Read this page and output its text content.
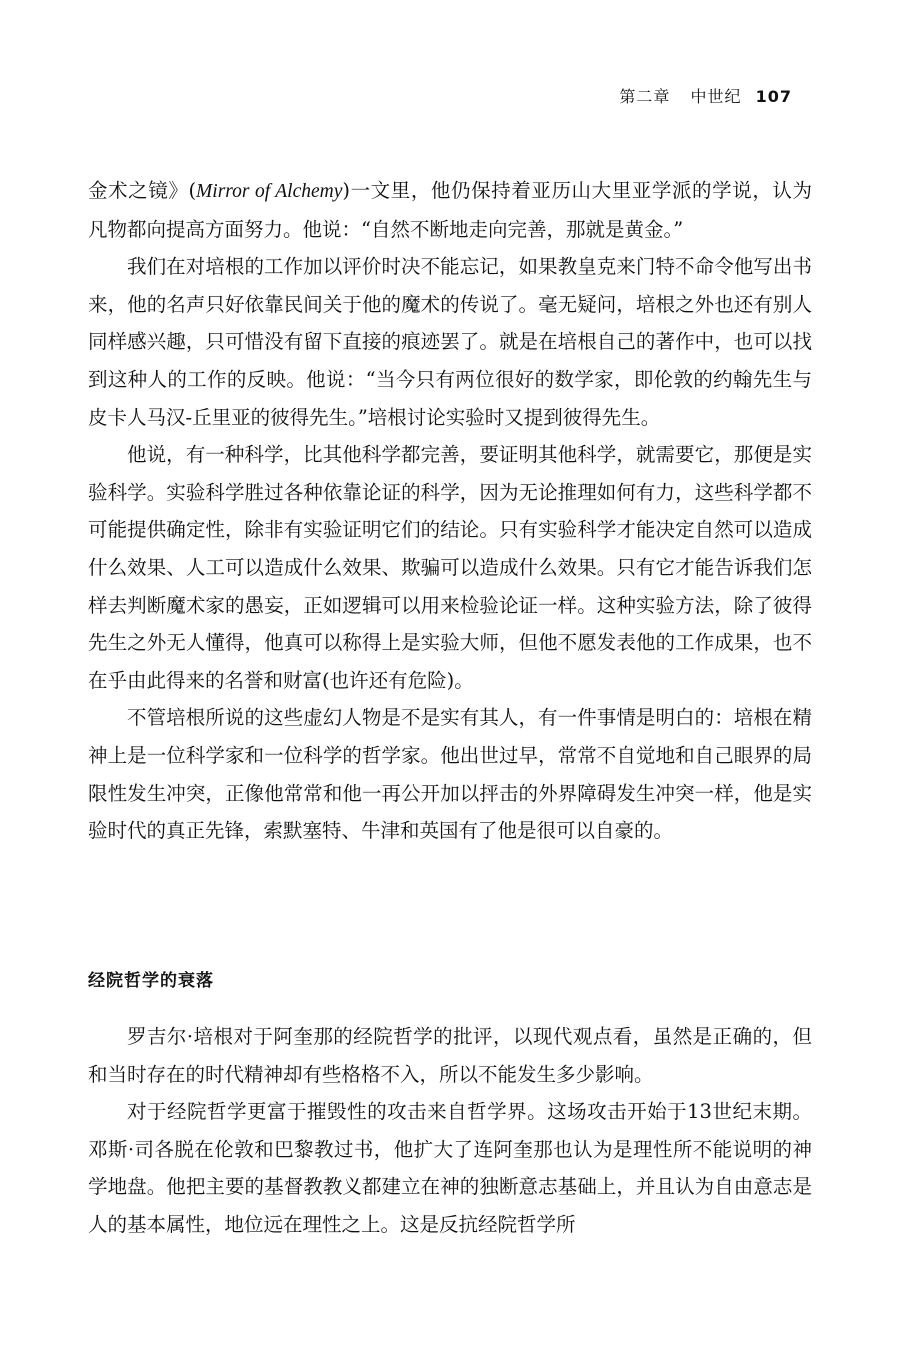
第二章 中世纪 107

金术之镜》(Mirror of Alchemy)一文里，他仍保持着亚历山大里亚学派的学说，认为凡物都向提高方面努力。他说：“自然不断地走向完善，那就是黄金。”

我们在对培根的工作加以评价时决不能忘记，如果教皇克来门特不命令他写出书来，他的名声只好依靠民间关于他的魔术的传说了。毫无疑问，培根之外也还有别人同样感兴趣，只可惜没有留下直接的痕迹罢了。就是在培根自己的著作中，也可以找到这种人的工作的反映。他说：“当今只有两位很好的数学家，即伦敦的约翰先生与皮卡人马汉-丘里亚的彼得先生。”培根讨论实验时又提到彼得先生。

他说，有一种科学，比其他科学都完善，要证明其他科学，就需要它，那便是实验科学。实验科学胜过各种依靠论证的科学，因为无论推理如何有力，这些科学都不可能提供确定性，除非有实验证明它们的结论。只有实验科学才能决定自然可以造成什么效果、人工可以造成什么效果、欺骗可以造成什么效果。只有它才能告诉我们怎样去判断魔术家的愚妄，正如逻辑可以用来检验论证一样。这种实验方法，除了彼得先生之外无人懂得，他真可以称得上是实验大师，但他不愿发表他的工作成果，也不在乎由此得来的名誉和财富(也许还有危险)。

不管培根所说的这些虚幻人物是不是实有其人，有一件事情是明白的：培根在精神上是一位科学家和一位科学的哲学家。他出世过早，常常不自觉地和自己眼界的局限性发生冲突，正像他常常和他一再公开加以抨击的外界障碍发生冲突一样，他是实验时代的真正先锋，索默塞特、牛津和英国有了他是很可以自豪的。

经院哲学的衰落

罗吉尔·培根对于阿奎那的经院哲学的批评，以现代观点看，虽然是正确的，但和当时存在的时代精神却有些格格不入，所以不能发生多少影响。

对于经院哲学更富于摧毁性的攻击来自哲学界。这场攻击开始于13世纪末期。邓斯·司各脱在伦敦和巴黎教过书，他扩大了连阿奎那也认为是理性所不能说明的神学地盘。他把主要的基督教教义都建立在神的独断意志基础上，并且认为自由意志是人的基本属性，地位远在理性之上。这是反抗经院哲学所
